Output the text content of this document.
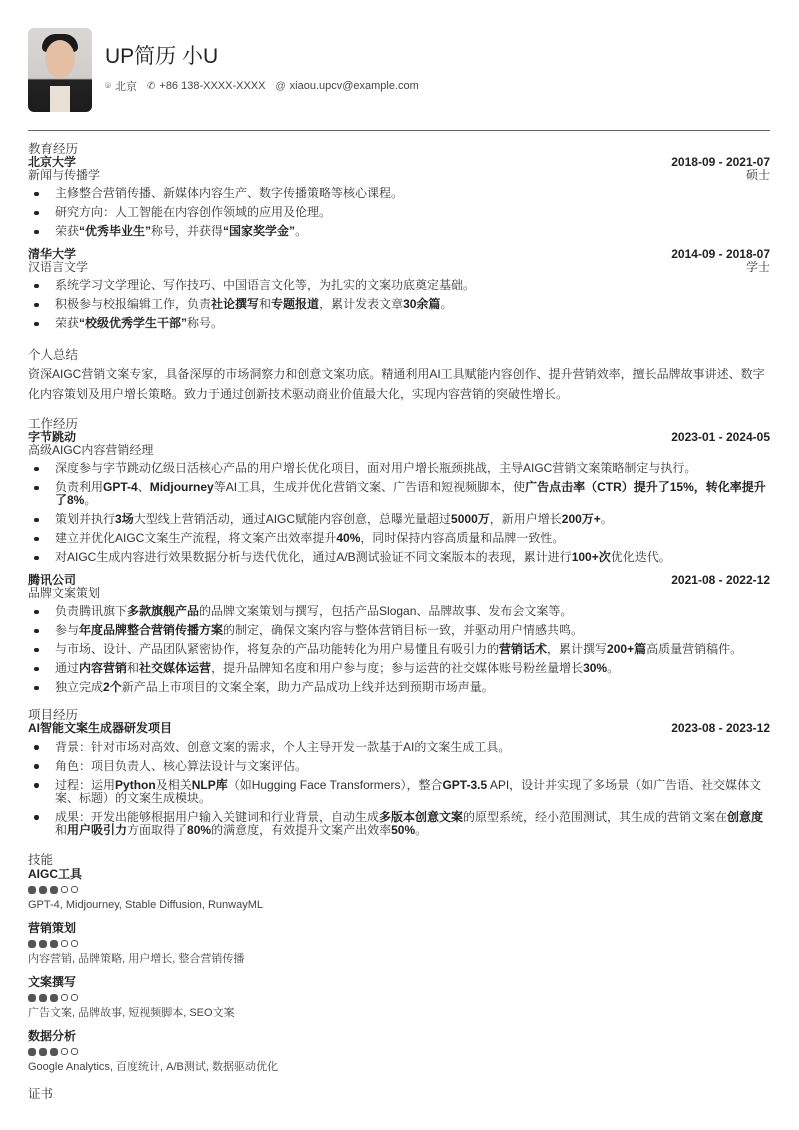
UP简历 小U
⌾ 北京 ✆ +86 138-XXXX-XXXX @ xiaou.upcv@example.com
教育经历
北京大学	2018-09 - 2021-07
新闻与传播学	硕士
主修整合营销传播、新媒体内容生产、数字传播策略等核心课程。
研究方向：人工智能在内容创作领域的应用及伦理。
荣获“优秀毕业生”称号，并获得“国家奖学金”。
清华大学	2014-09 - 2018-07
汉语言文学	学士
系统学习文学理论、写作技巧、中国语言文化等，为扎实的文案功底奠定基础。
积极参与校报编辑工作，负责社论撰写和专题报道，累计发表文章30余篇。
荣获“校级优秀学生干部”称号。
个人总结
资深AIGC营销文案专家，具备深厚的市场洞察力和创意文案功底。精通利用AI工具赋能内容创作、提升营销效率，擅长品牌故事讲述、数字化内容策划及用户增长策略。致力于通过创新技术驱动商业价值最大化，实现内容营销的突破性增长。
工作经历
字节跳动	2023-01 - 2024-05
高级AIGC内容营销经理
深度参与字节跳动亿级日活核心产品的用户增长优化项目，面对用户增长瓶颈挑战，主导AIGC营销文案策略制定与执行。
负责利用GPT-4、Midjourney等AI工具，生成并优化营销文案、广告语和短视频脚本，使广告点击率（CTR）提升了15%，转化率提升了8%。
策划并执行3场大型线上营销活动，通过AIGC赋能内容创意，总曝光量超过5000万，新用户增长200万+。
建立并优化AIGC文案生产流程，将文案产出效率提升40%，同时保持内容高质量和品牌一致性。
对AIGC生成内容进行效果数据分析与迭代优化，通过A/B测试验证不同文案版本的表现，累计进行100+次优化迭代。
腾讯公司	2021-08 - 2022-12
品牌文案策划
负责腾讯旗下多款旗舰产品的品牌文案策划与撰写，包括产品Slogan、品牌故事、发布会文案等。
参与年度品牌整合营销传播方案的制定，确保文案内容与整体营销目标一致，并驱动用户情感共鸣。
与市场、设计、产品团队紧密协作，将复杂的产品功能转化为用户易懂且有吸引力的营销话术，累计撰写200+篇高质量营销稿件。
通过内容营销和社交媒体运营，提升品牌知名度和用户参与度；参与运营的社交媒体账号粉丝量增长30%。
独立完成2个新产品上市项目的文案全案，助力产品成功上线并达到预期市场声量。
项目经历
AI智能文案生成器研发项目	2023-08 - 2023-12
背景：针对市场对高效、创意文案的需求，个人主导开发一款基于AI的文案生成工具。
角色：项目负责人、核心算法设计与文案评估。
过程：运用Python及相关NLP库（如Hugging Face Transformers），整合GPT-3.5 API，设计并实现了多场景（如广告语、社交媒体文案、标题）的文案生成模块。
成果：开发出能够根据用户输入关键词和行业背景，自动生成多版本创意文案的原型系统，经小范围测试，其生成的营销文案在创意度和用户吸引力方面取得了80%的满意度，有效提升文案产出效率50%。
技能
AIGC工具
GPT-4, Midjourney, Stable Diffusion, RunwayML
营销策划
内容营销, 品牌策略, 用户增长, 整合营销传播
文案撰写
广告文案, 品牌故事, 短视频脚本, SEO文案
数据分析
Google Analytics, 百度统计, A/B测试, 数据驱动优化
证书
